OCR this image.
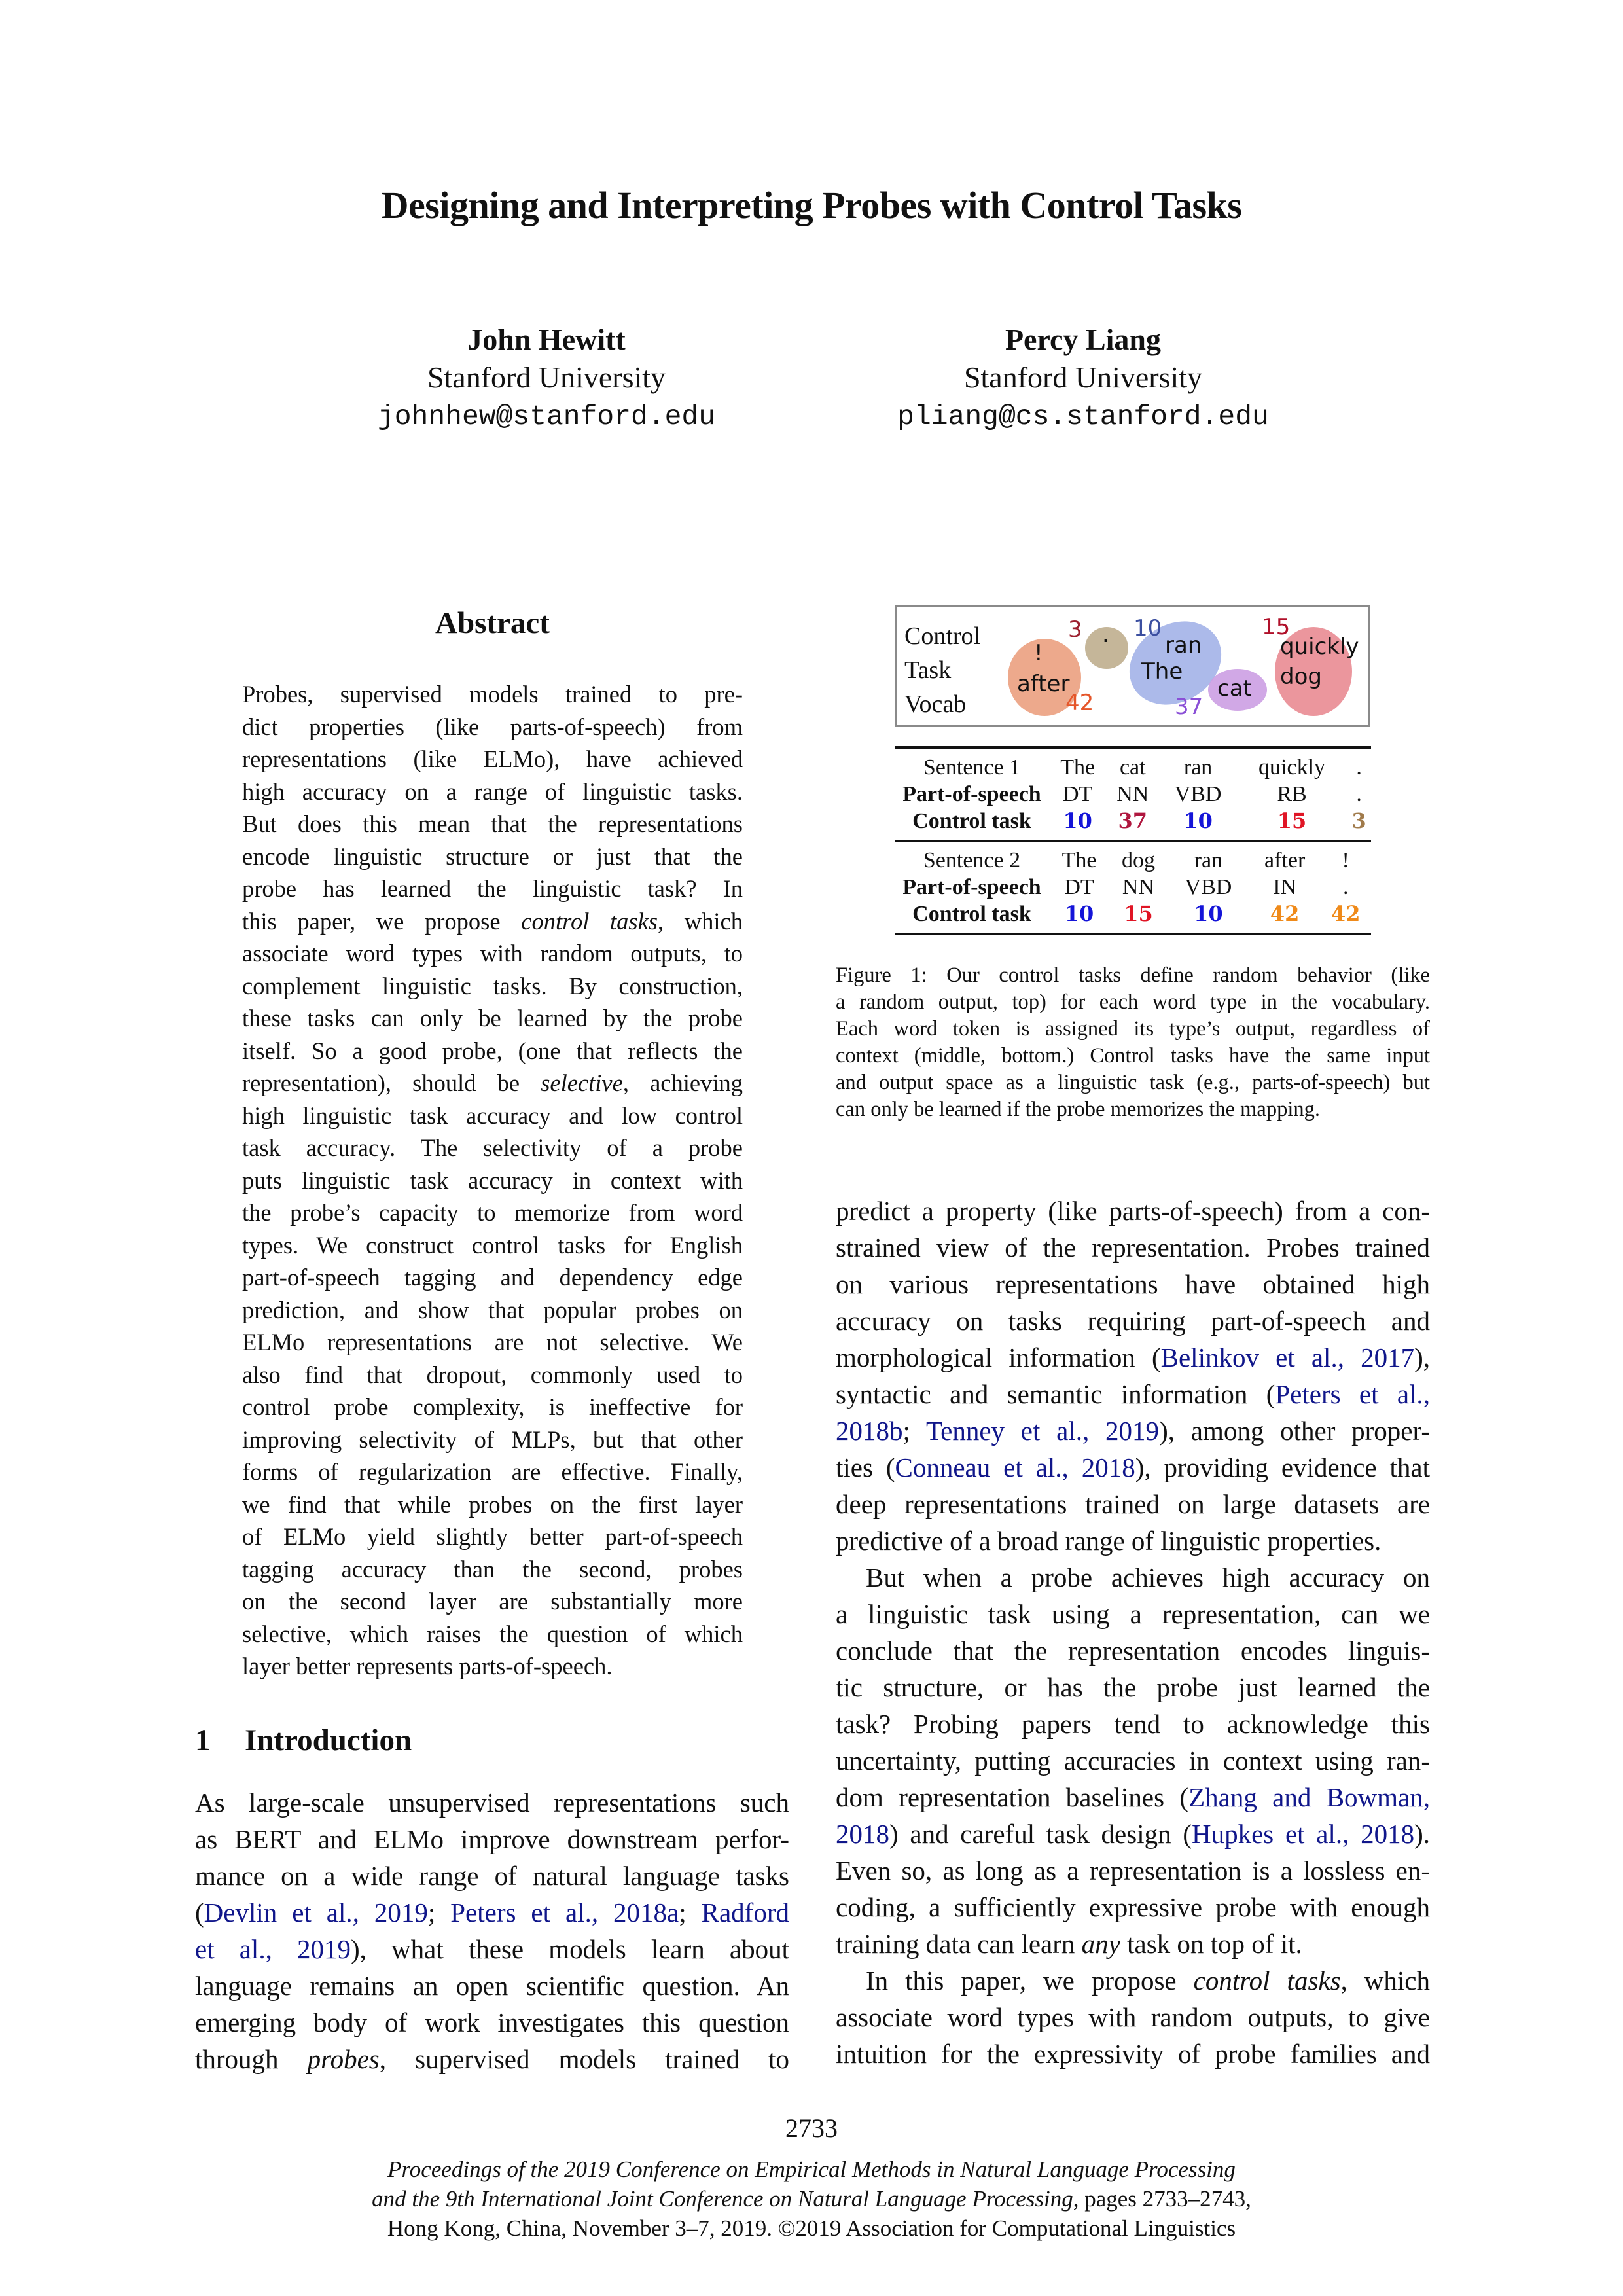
Designing and Interpreting Probes with Control Tasks
John Hewitt
Stanford University
johnhew@stanford.edu
Percy Liang
Stanford University
pliang@cs.stanford.edu
Abstract
Probes, supervised models trained to pre-
dict properties (like parts-of-speech) from
representations (like ELMo), have achieved
high accuracy on a range of linguistic tasks.
But does this mean that the representations
encode linguistic structure or just that the
probe has learned the linguistic task? In
this paper, we propose control tasks, which
associate word types with random outputs, to
complement linguistic tasks. By construction,
these tasks can only be learned by the probe
itself. So a good probe, (one that reflects the
representation), should be selective, achieving
high linguistic task accuracy and low control
task accuracy. The selectivity of a probe
puts linguistic task accuracy in context with
the probe’s capacity to memorize from word
types. We construct control tasks for English
part-of-speech tagging and dependency edge
prediction, and show that popular probes on
ELMo representations are not selective. We
also find that dropout, commonly used to
control probe complexity, is ineffective for
improving selectivity of MLPs, but that other
forms of regularization are effective. Finally,
we find that while probes on the first layer
of ELMo yield slightly better part-of-speech
tagging accuracy than the second, probes
on the second layer are substantially more
selective, which raises the question of which
layer better represents parts-of-speech.
Control
Task
Vocab
!
after
42
.
3
ran
The
10
cat
37
quickly
dog
15
Sentence 1	The	cat	ran	quickly	.
Part-of-speech	DT	NN	VBD	RB	.
Control task	10	37	10	15	3
Sentence 2	The	dog	ran	after	!
Part-of-speech	DT	NN	VBD	IN	.
Control task	10	15	10	42	42
Figure 1: Our control tasks define random behavior (like
a random output, top) for each word type in the vocabulary.
Each word token is assigned its type’s output, regardless of
context (middle, bottom.) Control tasks have the same input
and output space as a linguistic task (e.g., parts-of-speech) but
can only be learned if the probe memorizes the mapping.
1 Introduction
As large-scale unsupervised representations such
as BERT and ELMo improve downstream perfor-
mance on a wide range of natural language tasks
(Devlin et al., 2019; Peters et al., 2018a; Radford
et al., 2019), what these models learn about
language remains an open scientific question. An
emerging body of work investigates this question
through probes, supervised models trained to
predict a property (like parts-of-speech) from a con-
strained view of the representation. Probes trained
on various representations have obtained high
accuracy on tasks requiring part-of-speech and
morphological information (Belinkov et al., 2017),
syntactic and semantic information (Peters et al.,
2018b; Tenney et al., 2019), among other proper-
ties (Conneau et al., 2018), providing evidence that
deep representations trained on large datasets are
predictive of a broad range of linguistic properties.
But when a probe achieves high accuracy on
a linguistic task using a representation, can we
conclude that the representation encodes linguis-
tic structure, or has the probe just learned the
task? Probing papers tend to acknowledge this
uncertainty, putting accuracies in context using ran-
dom representation baselines (Zhang and Bowman,
2018) and careful task design (Hupkes et al., 2018).
Even so, as long as a representation is a lossless en-
coding, a sufficiently expressive probe with enough
training data can learn any task on top of it.
In this paper, we propose control tasks, which
associate word types with random outputs, to give
intuition for the expressivity of probe families and
2733
Proceedings of the 2019 Conference on Empirical Methods in Natural Language Processing
and the 9th International Joint Conference on Natural Language Processing, pages 2733–2743,
Hong Kong, China, November 3–7, 2019. ©2019 Association for Computational Linguistics
